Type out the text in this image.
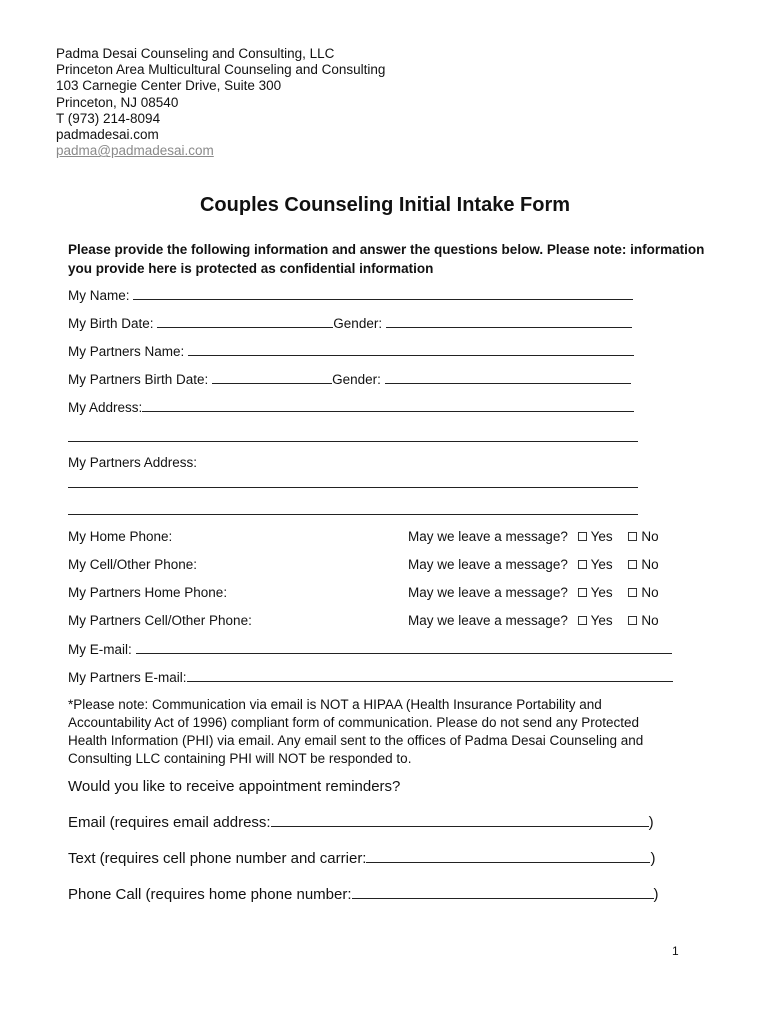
Padma Desai Counseling and Consulting, LLC
Princeton Area Multicultural Counseling and Consulting
103 Carnegie Center Drive, Suite 300
Princeton, NJ 08540
T (973) 214-8094
padmadesai.com
padma@padmadesai.com
Couples Counseling Initial Intake Form
Please provide the following information and answer the questions below. Please note: information you provide here is protected as confidential information
My Name:
My Birth Date:	Gender:
My Partners Name:
My Partners Birth Date:	Gender:
My Address:
My Partners Address:
My Home Phone:	May we leave a message? Yes No
My Cell/Other Phone:	May we leave a message? Yes No
My Partners Home Phone:	May we leave a message? Yes No
My Partners Cell/Other Phone:	May we leave a message? Yes No
My E-mail:
My Partners E-mail:
*Please note: Communication via email is NOT a HIPAA (Health Insurance Portability and Accountability Act of 1996) compliant form of communication. Please do not send any Protected Health Information (PHI) via email. Any email sent to the offices of Padma Desai Counseling and Consulting LLC containing PHI will NOT be responded to.
Would you like to receive appointment reminders?
Email (requires email address:	)
Text (requires cell phone number and carrier:	)
Phone Call (requires home phone number:	)
1
